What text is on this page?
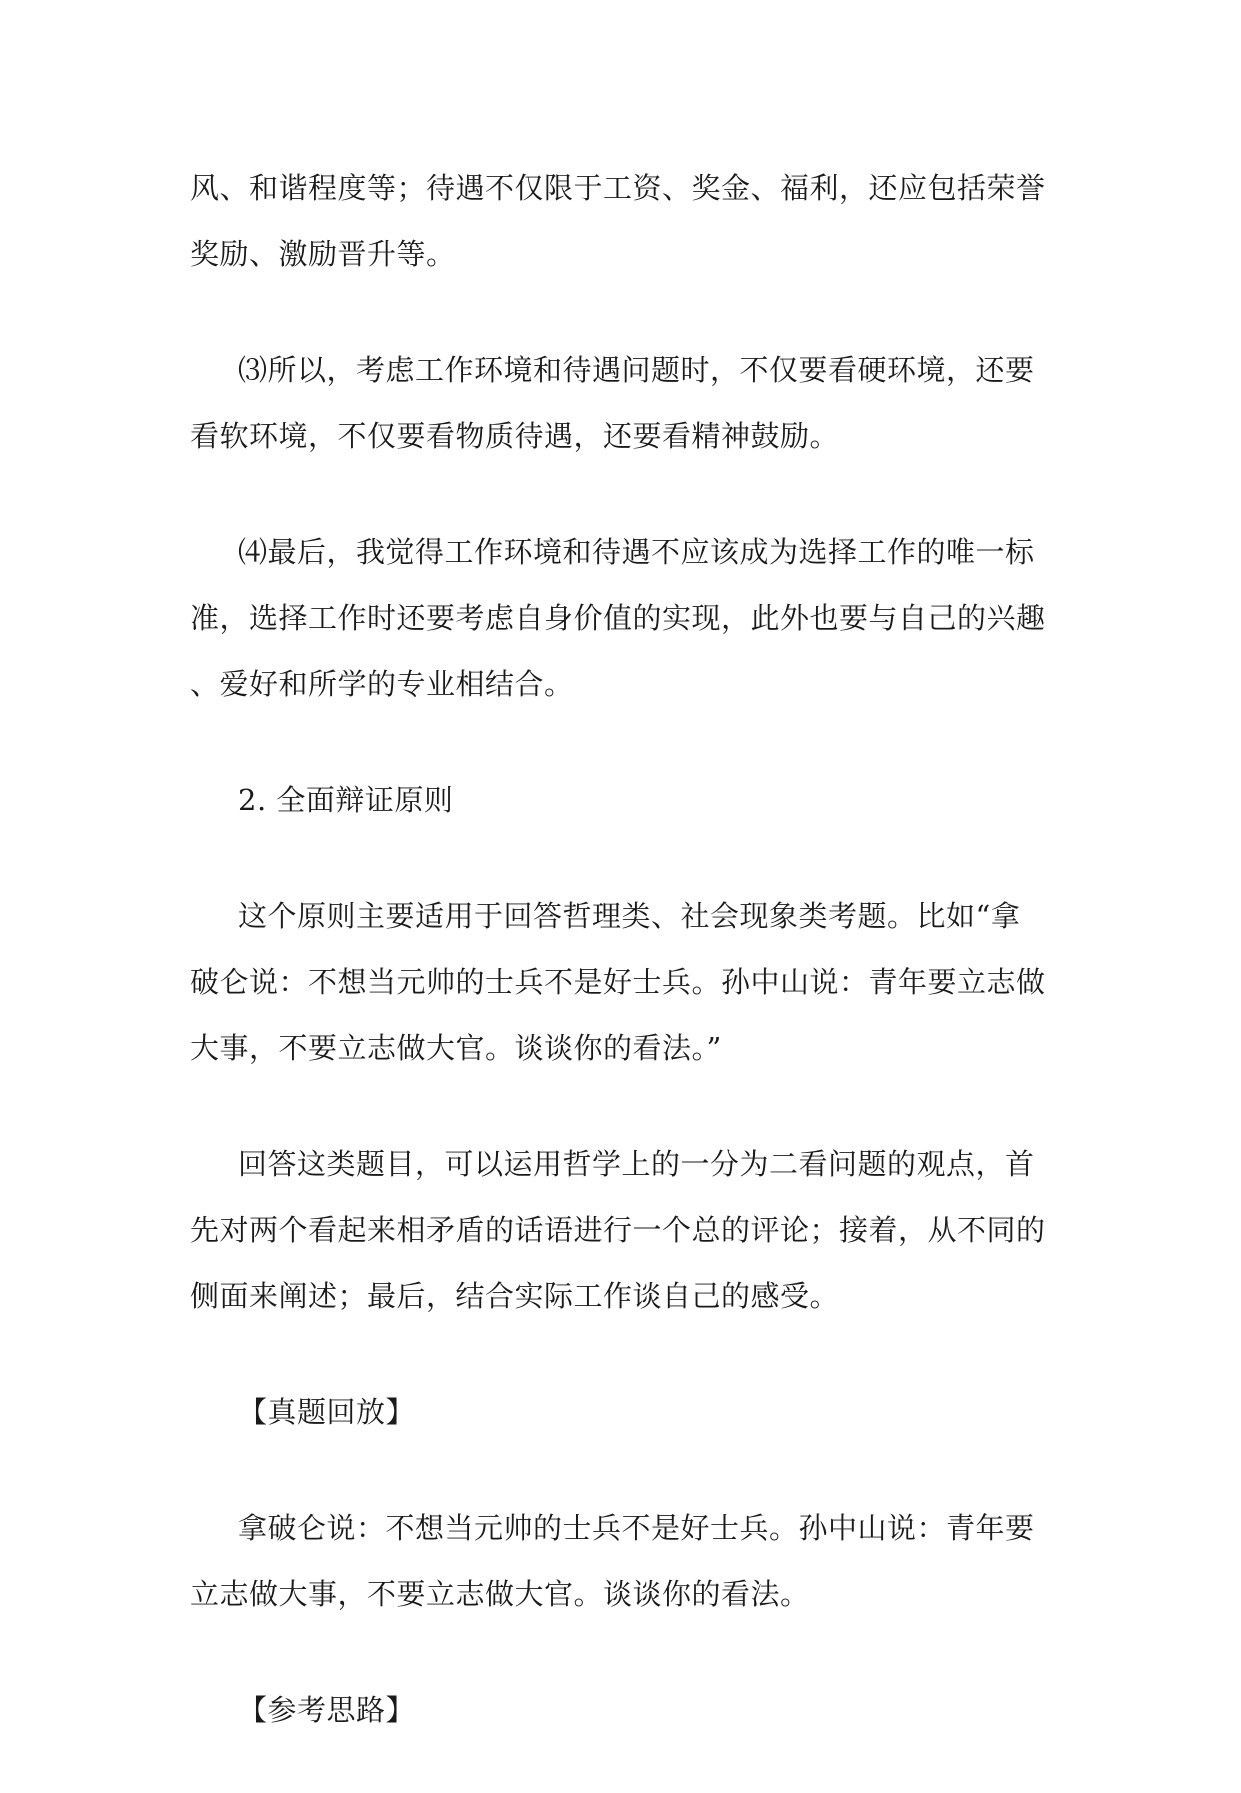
风、和谐程度等；待遇不仅限于工资、奖金、福利，还应包括荣誉
奖励、激励晋升等。

⑶所以，考虑工作环境和待遇问题时，不仅要看硬环境，还要
看软环境，不仅要看物质待遇，还要看精神鼓励。

⑷最后，我觉得工作环境和待遇不应该成为选择工作的唯一标
准，选择工作时还要考虑自身价值的实现，此外也要与自己的兴趣
、爱好和所学的专业相结合。

2. 全面辩证原则

这个原则主要适用于回答哲理类、社会现象类考题。比如“拿
破仑说：不想当元帅的士兵不是好士兵。孙中山说：青年要立志做
大事，不要立志做大官。谈谈你的看法。”

回答这类题目，可以运用哲学上的一分为二看问题的观点，首
先对两个看起来相矛盾的话语进行一个总的评论；接着，从不同的
侧面来阐述；最后，结合实际工作谈自己的感受。

【真题回放】

拿破仑说：不想当元帅的士兵不是好士兵。孙中山说：青年要
立志做大事，不要立志做大官。谈谈你的看法。

【参考思路】
